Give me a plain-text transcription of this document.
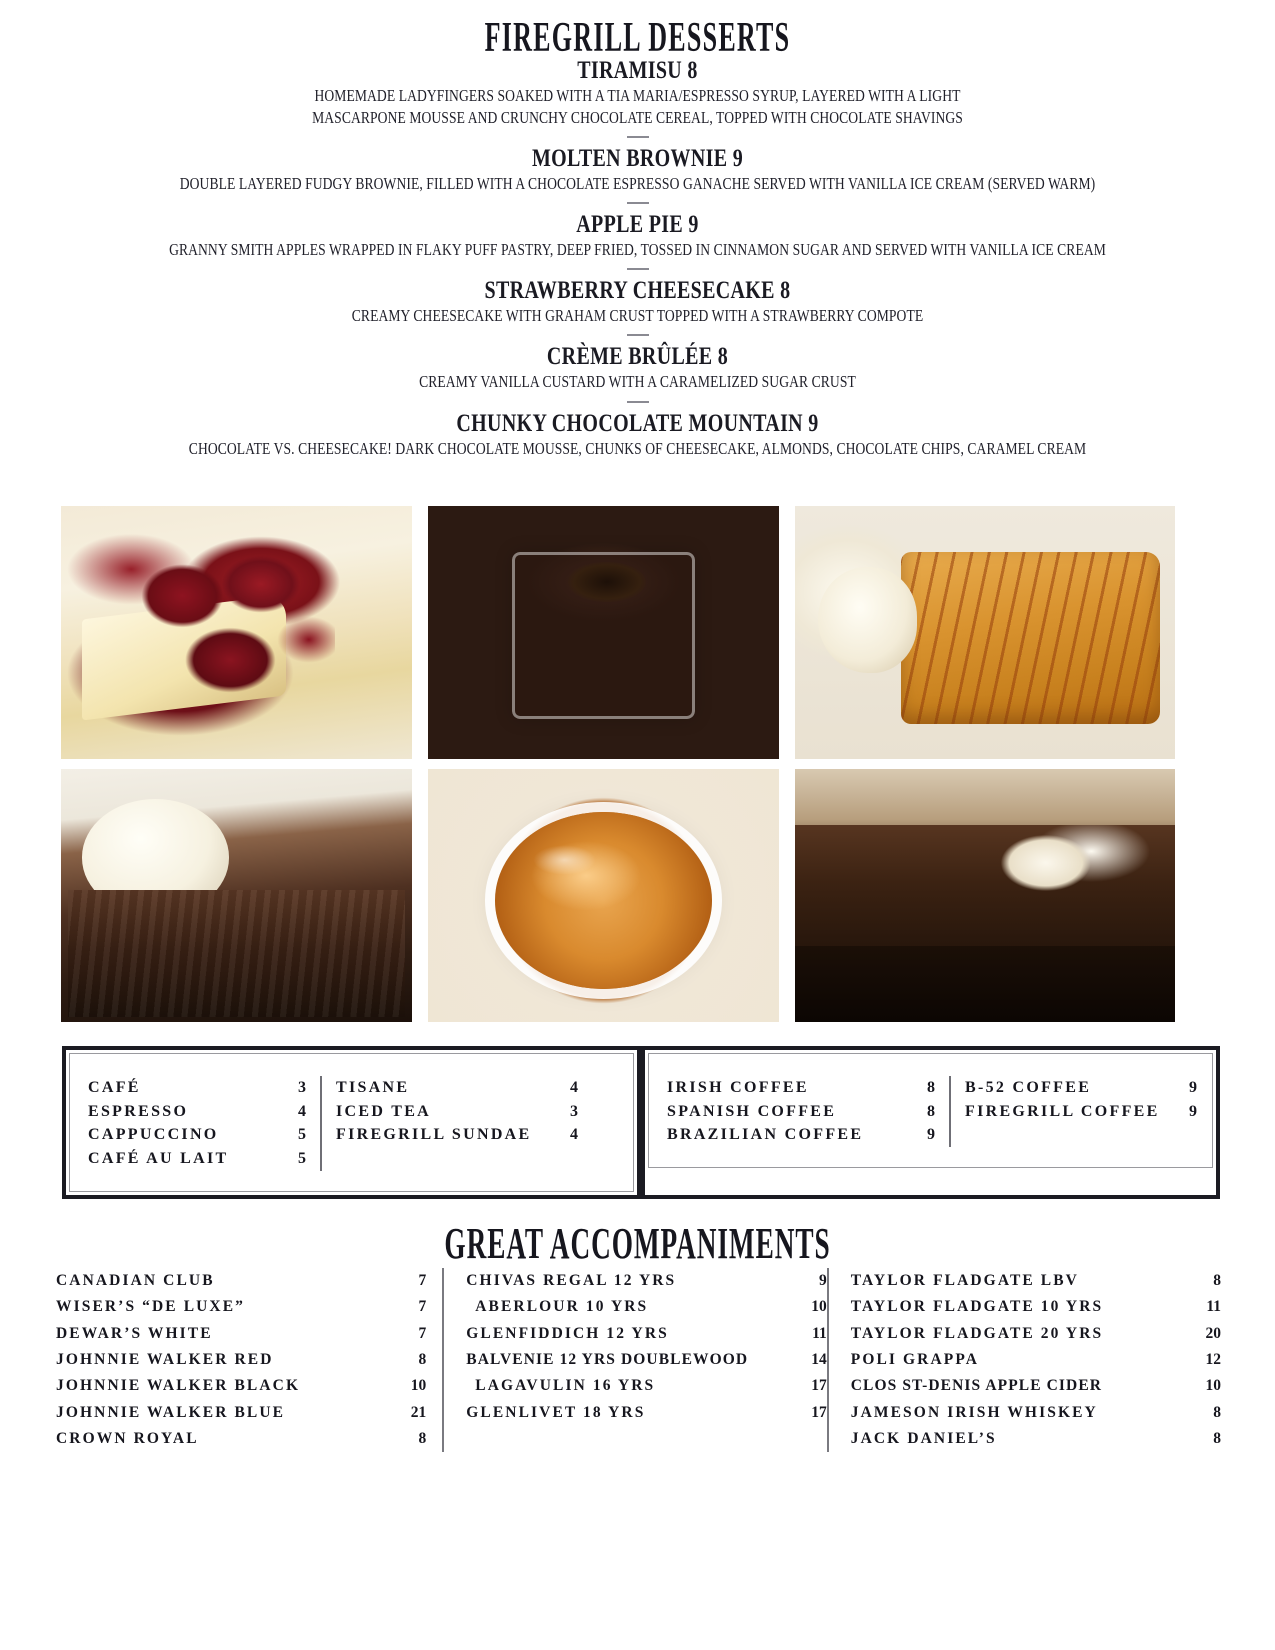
FIREGRILL DESSERTS
TIRAMISU 8
HOMEMADE LADYFINGERS SOAKED WITH A TIA MARIA/ESPRESSO SYRUP, LAYERED WITH A LIGHT
MASCARPONE MOUSSE AND CRUNCHY CHOCOLATE CEREAL, TOPPED WITH CHOCOLATE SHAVINGS
MOLTEN BROWNIE 9
DOUBLE LAYERED FUDGY BROWNIE, FILLED WITH A CHOCOLATE ESPRESSO GANACHE SERVED WITH VANILLA ICE CREAM (SERVED WARM)
APPLE PIE 9
GRANNY SMITH APPLES WRAPPED IN FLAKY PUFF PASTRY, DEEP FRIED, TOSSED IN CINNAMON SUGAR AND SERVED WITH VANILLA ICE CREAM
STRAWBERRY CHEESECAKE 8
CREAMY CHEESECAKE WITH GRAHAM CRUST TOPPED WITH A STRAWBERRY COMPOTE
CRÈME BRÛLÉE 8
CREAMY VANILLA CUSTARD WITH A CARAMELIZED SUGAR CRUST
CHUNKY CHOCOLATE MOUNTAIN 9
CHOCOLATE VS. CHEESECAKE! DARK CHOCOLATE MOUSSE, CHUNKS OF CHEESECAKE, ALMONDS, CHOCOLATE CHIPS, CARAMEL CREAM
CAFÉ	3
ESPRESSO	4
CAPPUCCINO	5
CAFÉ AU LAIT	5
TISANE	4
ICED TEA	3
FIREGRILL SUNDAE	4
IRISH COFFEE	8
SPANISH COFFEE	8
BRAZILIAN COFFEE	9
B-52 COFFEE	9
FIREGRILL COFFEE	9
GREAT ACCOMPANIMENTS
CANADIAN CLUB	7
WISER’S “DE LUXE”	7
DEWAR’S WHITE	7
JOHNNIE WALKER RED	8
JOHNNIE WALKER BLACK	10
JOHNNIE WALKER BLUE	21
CROWN ROYAL	8
CHIVAS REGAL 12 YRS	9
ABERLOUR 10 YRS	10
GLENFIDDICH 12 YRS	11
BALVENIE 12 YRS DOUBLEWOOD	14
LAGAVULIN 16 YRS	17
GLENLIVET 18 YRS	17
TAYLOR FLADGATE LBV	8
TAYLOR FLADGATE 10 YRS	11
TAYLOR FLADGATE 20 YRS	20
POLI GRAPPA	12
CLOS ST-DENIS APPLE CIDER	10
JAMESON IRISH WHISKEY	8
JACK DANIEL’S	8
